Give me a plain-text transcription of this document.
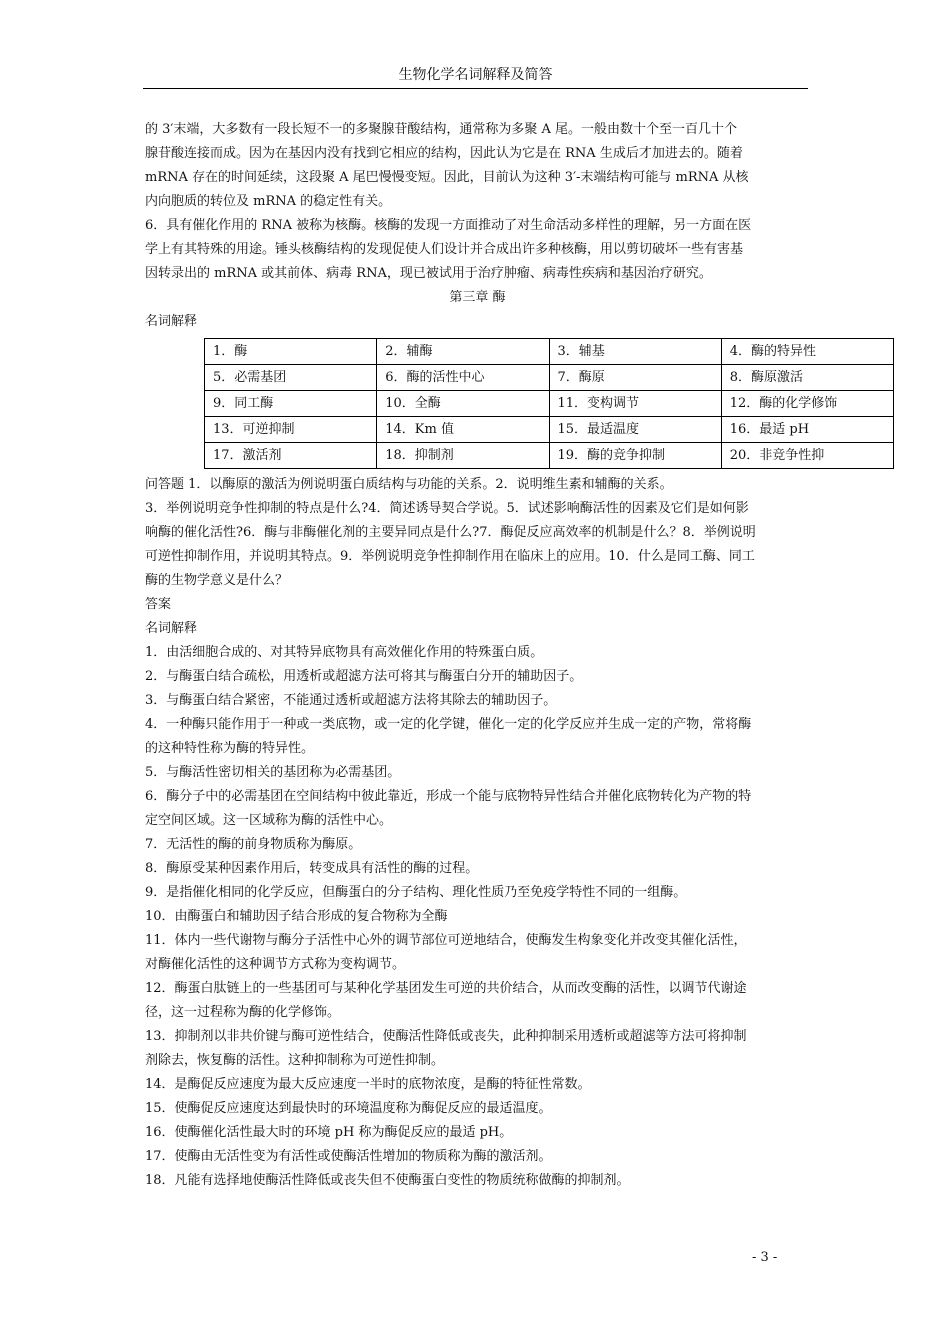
生物化学名词解释及简答

的 3′末端，大多数有一段长短不一的多聚腺苷酸结构，通常称为多聚 A 尾。一般由数十个至一百几十个

腺苷酸连接而成。因为在基因内没有找到它相应的结构，因此认为它是在 RNA 生成后才加进去的。随着

mRNA 存在的时间延续，这段聚 A 尾巴慢慢变短。因此，目前认为这种 3′-末端结构可能与 mRNA 从核

内向胞质的转位及 mRNA 的稳定性有关。

6．具有催化作用的 RNA 被称为核酶。核酶的发现一方面推动了对生命活动多样性的理解，另一方面在医

学上有其特殊的用途。锤头核酶结构的发现促使人们设计并合成出许多种核酶，用以剪切破坏一些有害基

因转录出的 mRNA 或其前体、病毒 RNA，现已被试用于治疗肿瘤、病毒性疾病和基因治疗研究。

第三章 酶

名词解释

1．酶	2．辅酶	3．辅基	4．酶的特异性
5．必需基团	6．酶的活性中心	7．酶原	8．酶原激活
9．同工酶	10．全酶	11．变构调节	12．酶的化学修饰
13．可逆抑制	14．Km 值	15．最适温度	16．最适 pH
17．激活剂	18．抑制剂	19．酶的竞争抑制	20．非竞争性抑

问答题 1．以酶原的激活为例说明蛋白质结构与功能的关系。2．说明维生素和辅酶的关系。

3．举例说明竞争性抑制的特点是什么?4．简述诱导契合学说。5．试述影响酶活性的因素及它们是如何影

响酶的催化活性?6．酶与非酶催化剂的主要异同点是什么?7．酶促反应高效率的机制是什么？8．举例说明

可逆性抑制作用，并说明其特点。9．举例说明竞争性抑制作用在临床上的应用。10．什么是同工酶、同工

酶的生物学意义是什么？

答案

名词解释

1．由活细胞合成的、对其特异底物具有高效催化作用的特殊蛋白质。

2．与酶蛋白结合疏松，用透析或超滤方法可将其与酶蛋白分开的辅助因子。

3．与酶蛋白结合紧密，不能通过透析或超滤方法将其除去的辅助因子。

4．一种酶只能作用于一种或一类底物，或一定的化学键，催化一定的化学反应并生成一定的产物，常将酶

的这种特性称为酶的特异性。

5．与酶活性密切相关的基团称为必需基团。

6．酶分子中的必需基团在空间结构中彼此靠近，形成一个能与底物特异性结合并催化底物转化为产物的特

定空间区域。这一区域称为酶的活性中心。

7．无活性的酶的前身物质称为酶原。

8．酶原受某种因素作用后，转变成具有活性的酶的过程。

9．是指催化相同的化学反应，但酶蛋白的分子结构、理化性质乃至免疫学特性不同的一组酶。

10．由酶蛋白和辅助因子结合形成的复合物称为全酶

11．体内一些代谢物与酶分子活性中心外的调节部位可逆地结合，使酶发生构象变化并改变其催化活性，

对酶催化活性的这种调节方式称为变构调节。

12．酶蛋白肽链上的一些基团可与某种化学基团发生可逆的共价结合，从而改变酶的活性，以调节代谢途

径，这一过程称为酶的化学修饰。

13．抑制剂以非共价键与酶可逆性结合，使酶活性降低或丧失，此种抑制采用透析或超滤等方法可将抑制

剂除去，恢复酶的活性。这种抑制称为可逆性抑制。

14．是酶促反应速度为最大反应速度一半时的底物浓度，是酶的特征性常数。

15．使酶促反应速度达到最快时的环境温度称为酶促反应的最适温度。

16．使酶催化活性最大时的环境 pH 称为酶促反应的最适 pH。

17．使酶由无活性变为有活性或使酶活性增加的物质称为酶的激活剂。

18．凡能有选择地使酶活性降低或丧失但不使酶蛋白变性的物质统称做酶的抑制剂。

- 3 -
